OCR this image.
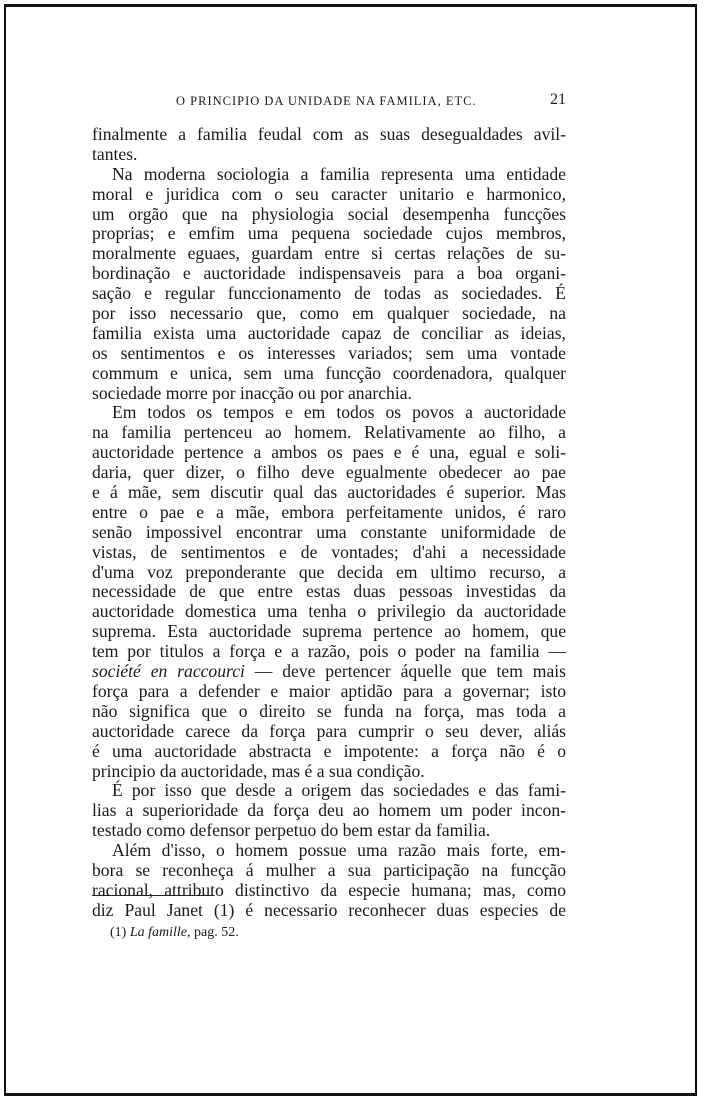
O PRINCIPIO DA UNIDADE NA FAMILIA, ETC.	21
finalmente a familia feudal com as suas desegualdades avil-
tantes.
Na moderna sociologia a familia representa uma entidade
moral e juridica com o seu caracter unitario e harmonico,
um orgão que na physiologia social desempenha funcções
proprias; e emfim uma pequena sociedade cujos membros,
moralmente eguaes, guardam entre si certas relações de su-
bordinação e auctoridade indispensaveis para a boa organi-
sação e regular funccionamento de todas as sociedades. É
por isso necessario que, como em qualquer sociedade, na
familia exista uma auctoridade capaz de conciliar as ideias,
os sentimentos e os interesses variados; sem uma vontade
commum e unica, sem uma funcção coordenadora, qualquer
sociedade morre por inacção ou por anarchia.
Em todos os tempos e em todos os povos a auctoridade
na familia pertenceu ao homem. Relativamente ao filho, a
auctoridade pertence a ambos os paes e é una, egual e soli-
daria, quer dizer, o filho deve egualmente obedecer ao pae
e á mãe, sem discutir qual das auctoridades é superior. Mas
entre o pae e a mãe, embora perfeitamente unidos, é raro
senão impossivel encontrar uma constante uniformidade de
vistas, de sentimentos e de vontades; d'ahi a necessidade
d'uma voz preponderante que decida em ultimo recurso, a
necessidade de que entre estas duas pessoas investidas da
auctoridade domestica uma tenha o privilegio da auctoridade
suprema. Esta auctoridade suprema pertence ao homem, que
tem por titulos a força e a razão, pois o poder na familia —
société en raccourci — deve pertencer áquelle que tem mais
força para a defender e maior aptidão para a governar; isto
não significa que o direito se funda na força, mas toda a
auctoridade carece da força para cumprir o seu dever, aliás
é uma auctoridade abstracta e impotente: a força não é o
principio da auctoridade, mas é a sua condição.
É por isso que desde a origem das sociedades e das fami-
lias a superioridade da força deu ao homem um poder incon-
testado como defensor perpetuo do bem estar da familia.
Além d'isso, o homem possue uma razão mais forte, em-
bora se reconheça á mulher a sua participação na funcção
racional, attributo distinctivo da especie humana; mas, como
diz Paul Janet (1) é necessario reconhecer duas especies de
(1) La famille, pag. 52.
